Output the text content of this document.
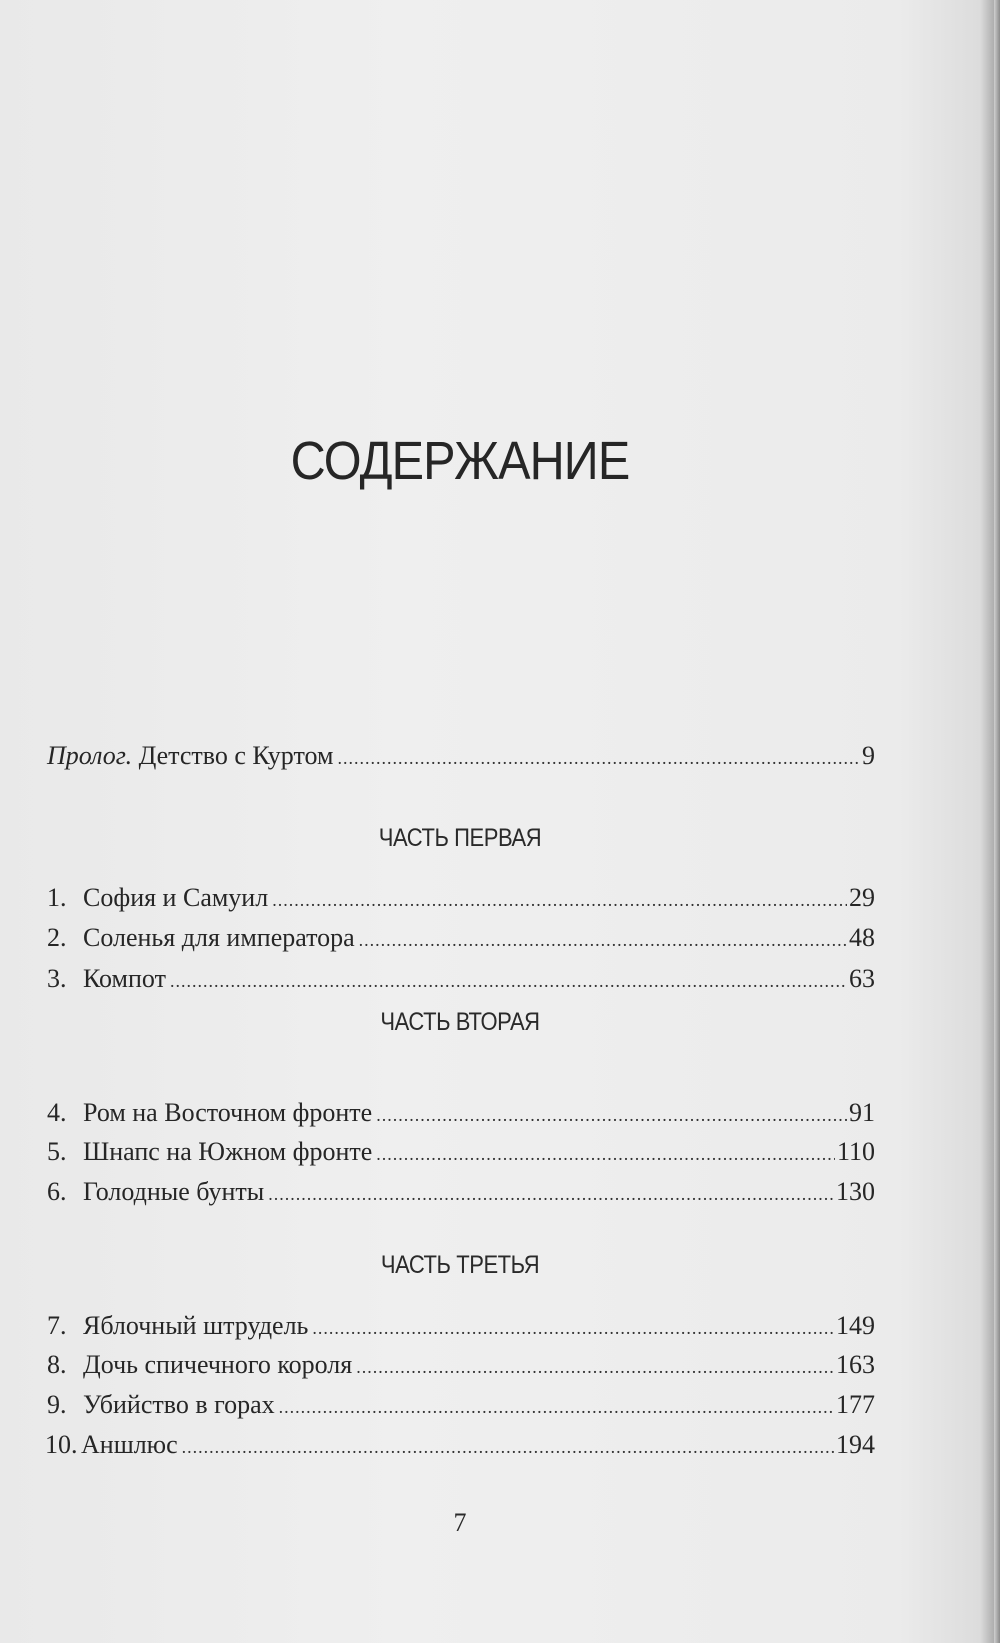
СОДЕРЖАНИЕ
Пролог. Детство с Куртом .....	9
ЧАСТЬ ПЕРВАЯ
1. София и Самуил .....	29
2. Соленья для императора .....	48
3. Компот .....	63
ЧАСТЬ ВТОРАЯ
4. Ром на Восточном фронте .....	91
5. Шнапс на Южном фронте .....	110
6. Голодные бунты .....	130
ЧАСТЬ ТРЕТЬЯ
7. Яблочный штрудель .....	149
8. Дочь спичечного короля .....	163
9. Убийство в горах .....	177
10. Аншлюс .....	194
7
